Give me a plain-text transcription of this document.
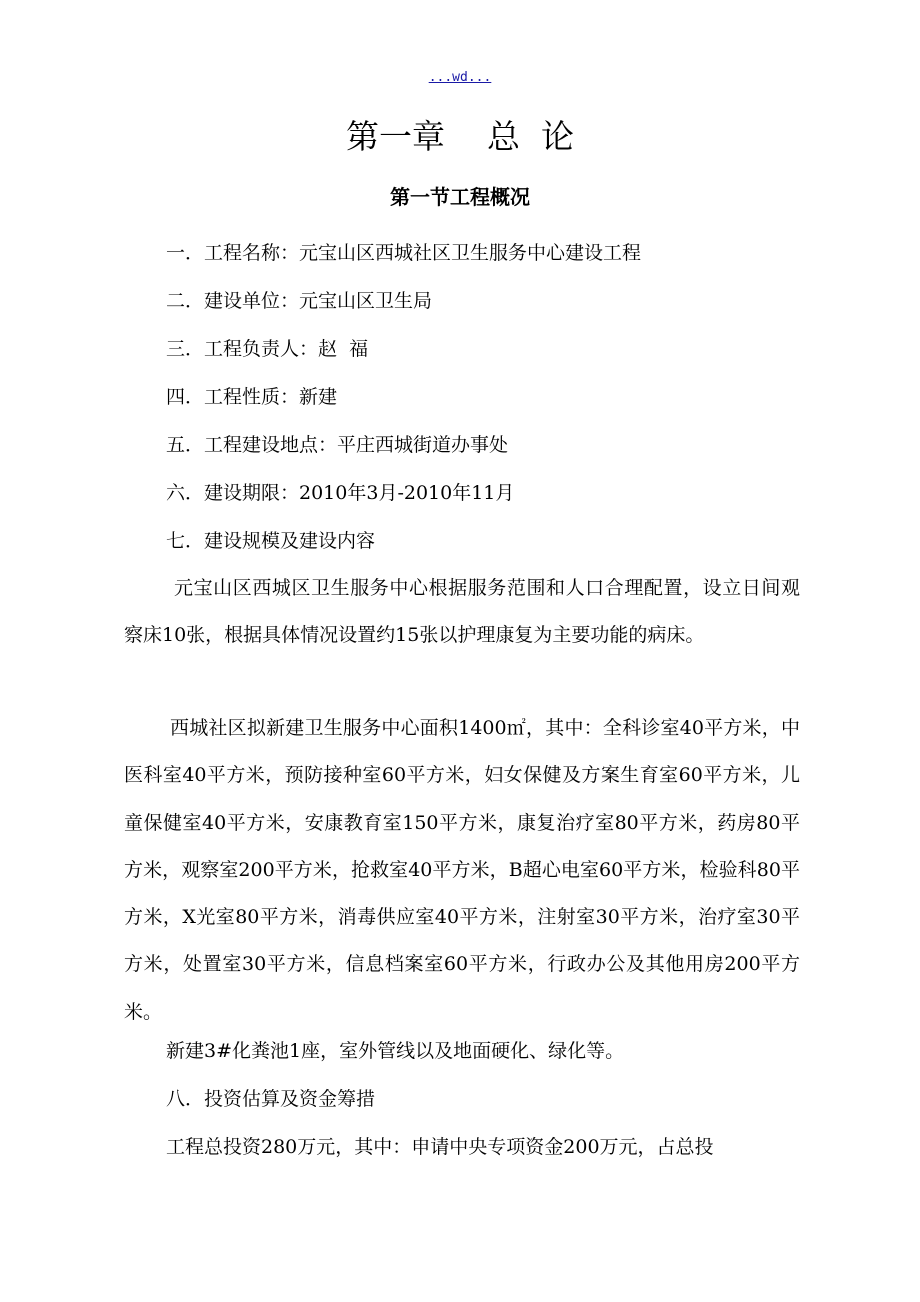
...wd...
第一章    总  论
第一节工程概况
一．工程名称：元宝山区西城社区卫生服务中心建设工程
二．建设单位：元宝山区卫生局
三．工程负责人：赵  福
四．工程性质：新建
五．工程建设地点：平庄西城街道办事处
六．建设期限：2010年3月-2010年11月
七．建设规模及建设内容
元宝山区西城区卫生服务中心根据服务范围和人口合理配置，设立日间观察床10张，根据具体情况设置约15张以护理康复为主要功能的病床。
西城社区拟新建卫生服务中心面积1400㎡，其中：全科诊室40平方米，中医科室40平方米，预防接种室60平方米，妇女保健及方案生育室60平方米，儿童保健室40平方米，安康教育室150平方米，康复治疗室80平方米，药房80平方米，观察室200平方米，抢救室40平方米，B超心电室60平方米，检验科80平方米，X光室80平方米，消毒供应室40平方米，注射室30平方米，治疗室30平方米，处置室30平方米，信息档案室60平方米，行政办公及其他用房200平方米。
新建3#化粪池1座，室外管线以及地面硬化、绿化等。
八．投资估算及资金筹措
工程总投资280万元，其中：申请中央专项资金200万元，占总投
